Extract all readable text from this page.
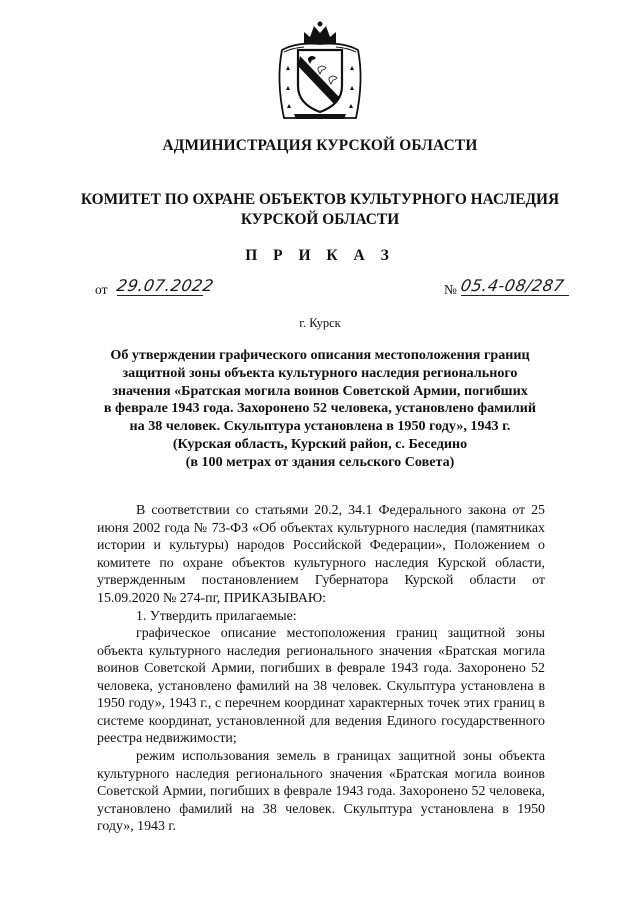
АДМИНИСТРАЦИЯ КУРСКОЙ ОБЛАСТИ
КОМИТЕТ ПО ОХРАНЕ ОБЪЕКТОВ КУЛЬТУРНОГО НАСЛЕДИЯ
КУРСКОЙ ОБЛАСТИ
П Р И К А З
от 29.07.2022	№ 05.4-08/287
г. Курск
Об утверждении графического описания местоположения границ
защитной зоны объекта культурного наследия регионального
значения «Братская могила воинов Советской Армии, погибших
в феврале 1943 года. Захоронено 52 человека, установлено фамилий
на 38 человек. Скульптура установлена в 1950 году», 1943 г.
(Курская область, Курский район, с. Беседино
(в 100 метрах от здания сельского Совета)
В соответствии со статьями 20.2, 34.1 Федерального закона от 25 июня 2002 года № 73-ФЗ «Об объектах культурного наследия (памятниках истории и культуры) народов Российской Федерации», Положением о комитете по охране объектов культурного наследия Курской области, утвержденным постановлением Губернатора Курской области от 15.09.2020 № 274-пг, ПРИКАЗЫВАЮ:
1. Утвердить прилагаемые:
графическое описание местоположения границ защитной зоны объекта культурного наследия регионального значения «Братская могила воинов Советской Армии, погибших в феврале 1943 года. Захоронено 52 человека, установлено фамилий на 38 человек. Скульптура установлена в 1950 году», 1943 г., с перечнем координат характерных точек этих границ в системе координат, установленной для ведения Единого государственного реестра недвижимости;
режим использования земель в границах защитной зоны объекта культурного наследия регионального значения «Братская могила воинов Советской Армии, погибших в феврале 1943 года. Захоронено 52 человека, установлено фамилий на 38 человек. Скульптура установлена в 1950 году», 1943 г.
